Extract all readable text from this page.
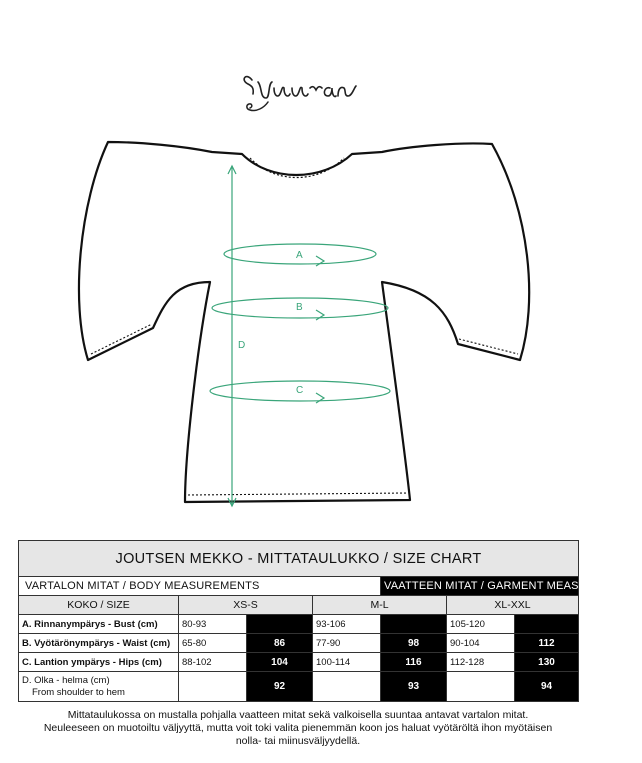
A
B
C
D
JOUTSEN MEKKO - MITTATAULUKKO / SIZE CHART						
VARTALON MITAT / BODY MEASUREMENTS				VAATTEEN MITAT / GARMENT MEASUREMENTS		
KOKO / SIZE	XS-S		M-L		XL-XXL	
A. Rinnanympärys - Bust (cm)	80-93		93-106		105-120	
B. Vyötärönympärys - Waist (cm)	65-80	86	77-90	98	90-104	112
C. Lantion ympärys - Hips (cm)	88-102	104	100-114	116	112-128	130

D. Olka - helma (cm)
From shoulder to hem		92		93		94
Mittataulukossa on mustalla pohjalla vaatteen mitat sekä valkoisella suuntaa antavat vartalon mitat.
Neuleeseen on muotoiltu väljyyttä, mutta voit toki valita pienemmän koon jos haluat vyötäröltä ihon myötäisen
nolla- tai miinusväljyydellä.
